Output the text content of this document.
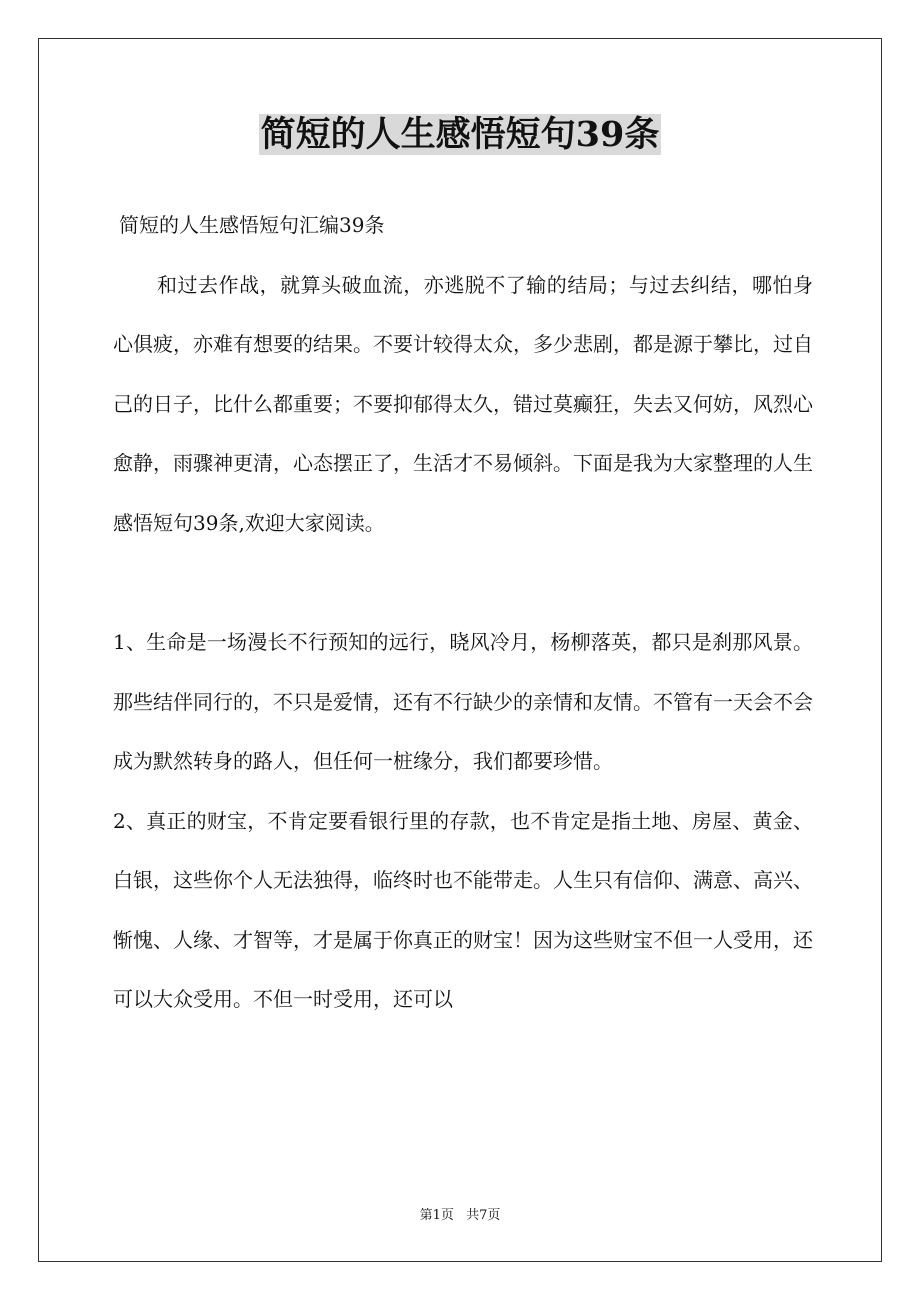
简短的人生感悟短句39条

简短的人生感悟短句汇编39条

和过去作战，就算头破血流，亦逃脱不了输的结局；与过去纠结，哪怕身心俱疲，亦难有想要的结果。不要计较得太众，多少悲剧，都是源于攀比，过自己的日子，比什么都重要；不要抑郁得太久，错过莫癫狂，失去又何妨，风烈心愈静，雨骤神更清，心态摆正了，生活才不易倾斜。下面是我为大家整理的人生感悟短句39条,欢迎大家阅读。

1、生命是一场漫长不行预知的远行，晓风冷月，杨柳落英，都只是刹那风景。那些结伴同行的，不只是爱情，还有不行缺少的亲情和友情。不管有一天会不会成为默然转身的路人，但任何一桩缘分，我们都要珍惜。

2、真正的财宝，不肯定要看银行里的存款，也不肯定是指土地、房屋、黄金、白银，这些你个人无法独得，临终时也不能带走。人生只有信仰、满意、高兴、惭愧、人缘、才智等，才是属于你真正的财宝！因为这些财宝不但一人受用，还可以大众受用。不但一时受用，还可以

第1页 共7页
